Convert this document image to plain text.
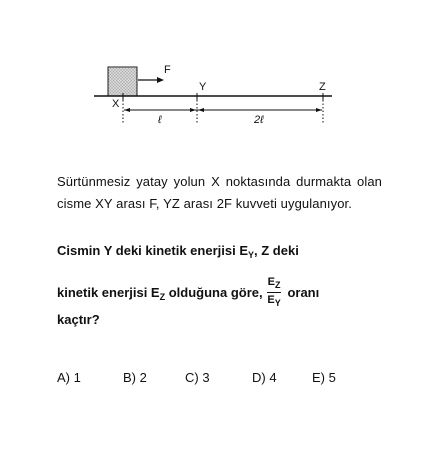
F
X
Y	Z
ℓ	2ℓ

Sürtünmesiz yatay yolun X noktasında durmakta olan cisme XY arası F, YZ arası 2F kuvveti uygulanıyor.

Cismin Y deki kinetik enerjisi $E_Y$, Z deki
kinetik enerjisi $E_Z$ olduğuna göre, $\frac{E_Z}{E_Y}$ oranı
kaçtır?
A) 1	B) 2	C) 3	D) 4	E) 5
